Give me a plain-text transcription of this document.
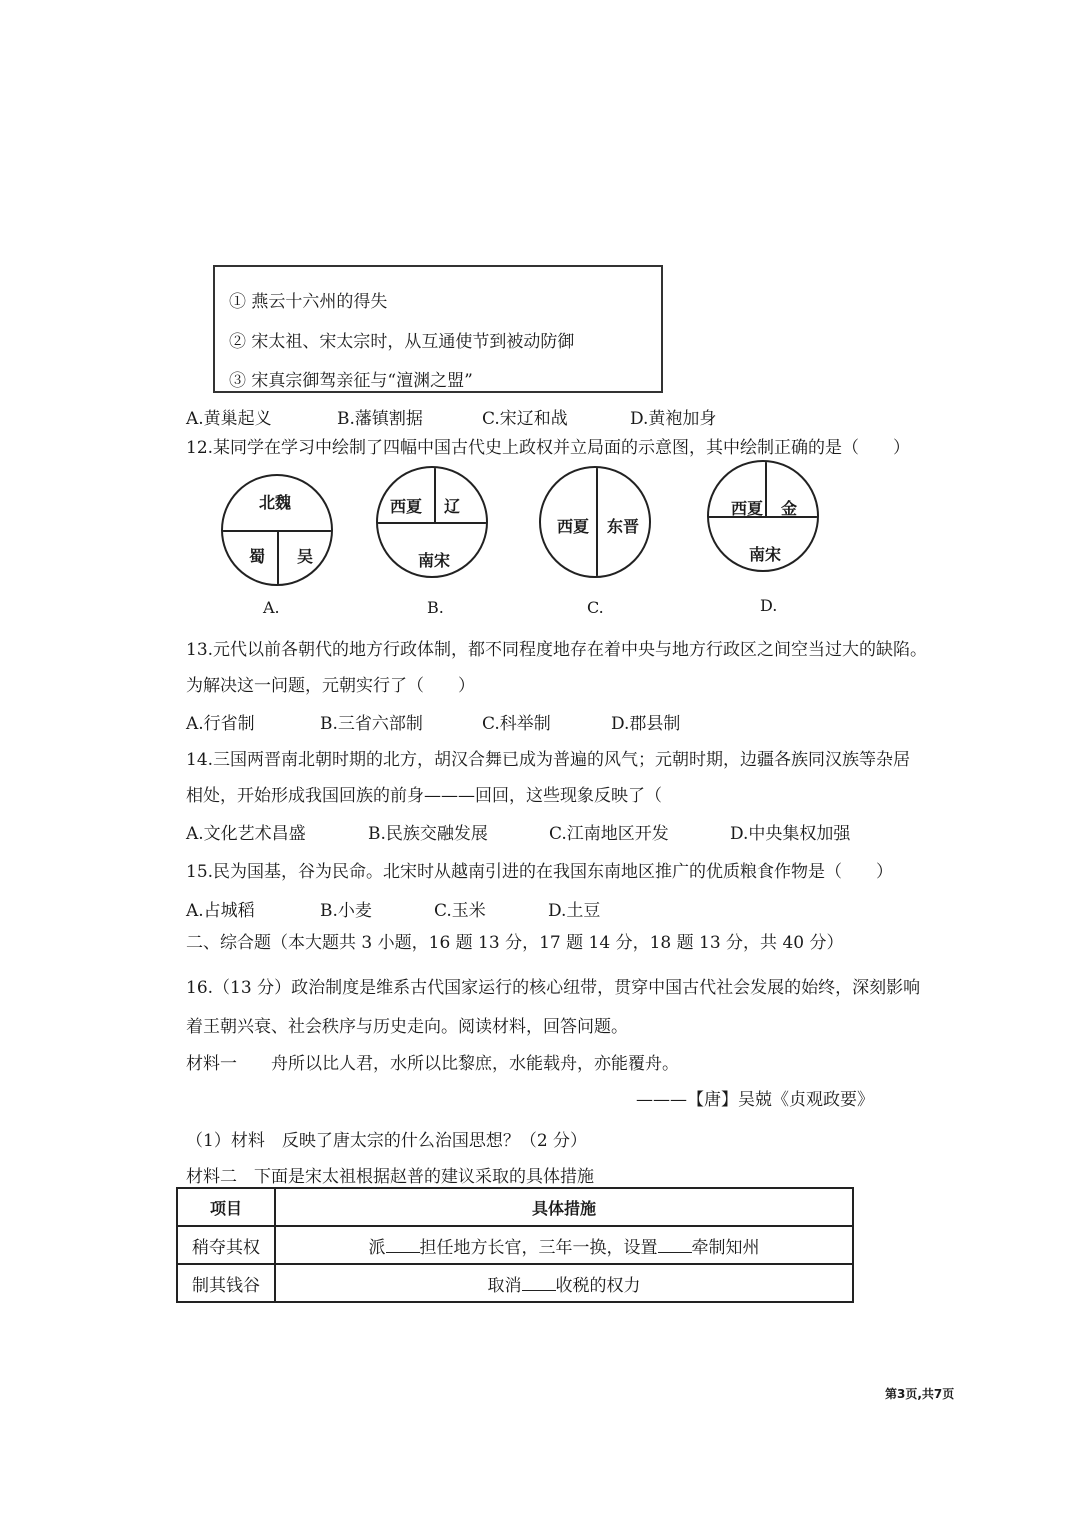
① 燕云十六州的得失
② 宋太祖、宋太宗时，从互通使节到被动防御
③ 宋真宗御驾亲征与“澶渊之盟”
A.黄巢起义	B.藩镇割据	C.宋辽和战	D.黄袍加身
12.某同学在学习中绘制了四幅中国古代史上政权并立局面的示意图，其中绘制正确的是（　　）
北魏
蜀 吴
A.
西夏 辽
南宋
B.
西夏 东晋
C.
西夏 金
南宋
D.
13.元代以前各朝代的地方行政体制，都不同程度地存在着中央与地方行政区之间空当过大的缺陷。
为解决这一问题，元朝实行了（　　）
A.行省制	B.三省六部制	C.科举制	D.郡县制
14.三国两晋南北朝时期的北方，胡汉合舞已成为普遍的风气；元朝时期，边疆各族同汉族等杂居
相处，开始形成我国回族的前身———回回，这些现象反映了（
A.文化艺术昌盛	B.民族交融发展	C.江南地区开发	D.中央集权加强
15.民为国基，谷为民命。北宋时从越南引进的在我国东南地区推广的优质粮食作物是（　　）
A.占城稻	B.小麦	C.玉米	D.土豆
二、综合题（本大题共 3 小题，16 题 13 分，17 题 14 分，18 题 13 分，共 40 分）
16.（13 分）政治制度是维系古代国家运行的核心纽带，贯穿中国古代社会发展的始终，深刻影响
着王朝兴衰、社会秩序与历史走向。阅读材料，回答问题。
材料一　　舟所以比人君，水所以比黎庶，水能载舟，亦能覆舟。
———【唐】吴兢《贞观政要》
（1）材料　反映了唐太宗的什么治国思想？（2 分）
材料二　下面是宋太祖根据赵普的建议采取的具体措施
项目	具体措施
稍夺其权	派 担任地方长官，三年一换，设置 牵制知州
制其钱谷	取消 收税的权力
第3页,共7页
